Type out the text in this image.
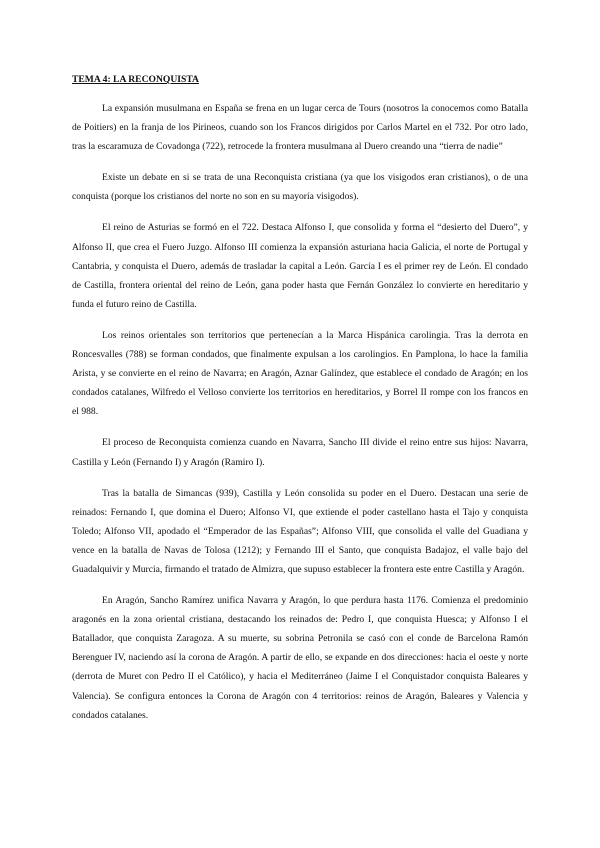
TEMA 4: LA RECONQUISTA

La expansión musulmana en España se frena en un lugar cerca de Tours (nosotros la conocemos como Batalla de Poitiers) en la franja de los Pirineos, cuando son los Francos dirigidos por Carlos Martel en el 732. Por otro lado, tras la escaramuza de Covadonga (722), retrocede la frontera musulmana al Duero creando una “tierra de nadie”

Existe un debate en si se trata de una Reconquista cristiana (ya que los visigodos eran cristianos), o de una conquista (porque los cristianos del norte no son en su mayoría visigodos).

El reino de Asturias se formó en el 722. Destaca Alfonso I, que consolida y forma el “desierto del Duero”, y Alfonso II, que crea el Fuero Juzgo. Alfonso III comienza la expansión asturiana hacia Galicia, el norte de Portugal y Cantabria, y conquista el Duero, además de trasladar la capital a León. García I es el primer rey de León. El condado de Castilla, frontera oriental del reino de León, gana poder hasta que Fernán González lo convierte en hereditario y funda el futuro reino de Castilla.

Los reinos orientales son territorios que pertenecían a la Marca Hispánica carolingia. Tras la derrota en Roncesvalles (788) se forman condados, que finalmente expulsan a los carolingios. En Pamplona, lo hace la familia Arista, y se convierte en el reino de Navarra; en Aragón, Aznar Galíndez, que establece el condado de Aragón; en los condados catalanes, Wilfredo el Velloso convierte los territorios en hereditarios, y Borrel II rompe con los francos en el 988.

El proceso de Reconquista comienza cuando en Navarra, Sancho III divide el reino entre sus hijos: Navarra, Castilla y León (Fernando I) y Aragón (Ramiro I).

Tras la batalla de Simancas (939), Castilla y León consolida su poder en el Duero. Destacan una serie de reinados: Fernando I, que domina el Duero; Alfonso VI, que extiende el poder castellano hasta el Tajo y conquista Toledo; Alfonso VII, apodado el “Emperador de las Españas”; Alfonso VIII, que consolida el valle del Guadiana y vence en la batalla de Navas de Tolosa (1212); y Fernando III el Santo, que conquista Badajoz, el valle bajo del Guadalquivir y Murcia, firmando el tratado de Almizra, que supuso establecer la frontera este entre Castilla y Aragón.

En Aragón, Sancho Ramírez unifica Navarra y Aragón, lo que perdura hasta 1176. Comienza el predominio aragonés en la zona oriental cristiana, destacando los reinados de: Pedro I, que conquista Huesca; y Alfonso I el Batallador, que conquista Zaragoza. A su muerte, su sobrina Petronila se casó con el conde de Barcelona Ramón Berenguer IV, naciendo así la corona de Aragón. A partir de ello, se expande en dos direcciones: hacia el oeste y norte (derrota de Muret con Pedro II el Católico), y hacia el Mediterráneo (Jaime I el Conquistador conquista Baleares y Valencia). Se configura entonces la Corona de Aragón con 4 territorios: reinos de Aragón, Baleares y Valencia y condados catalanes.
